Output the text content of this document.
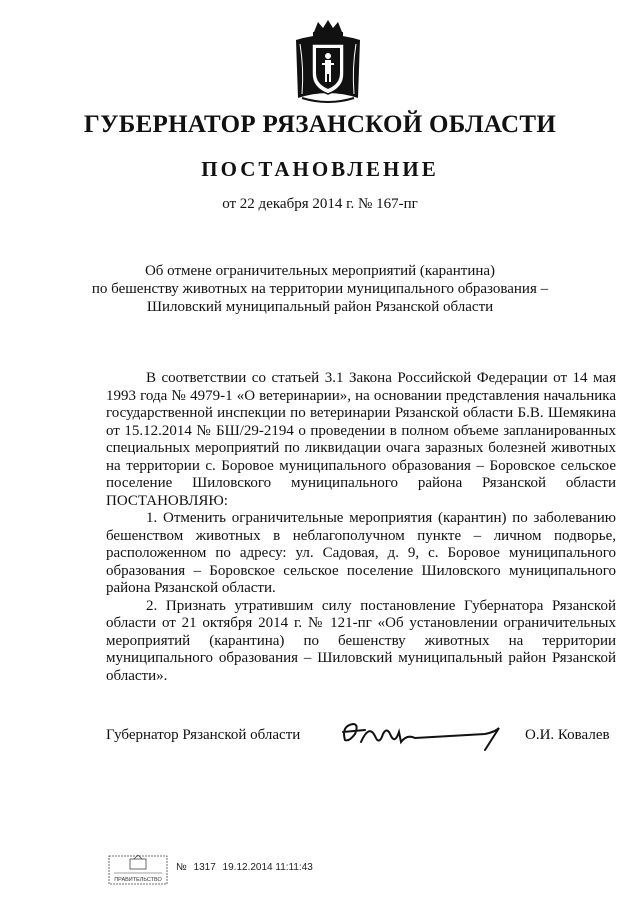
ГУБЕРНАТОР РЯЗАНСКОЙ ОБЛАСТИ
ПОСТАНОВЛЕНИЕ
от 22 декабря 2014 г. № 167-пг
Об отмене ограничительных мероприятий (карантина)
по бешенству животных на территории муниципального образования –
Шиловский муниципальный район Рязанской области

В соответствии со статьей 3.1 Закона Российской Федерации от 14 мая 1993 года № 4979-1 «О ветеринарии», на основании представления начальника государственной инспекции по ветеринарии Рязанской области Б.В. Шемякина от 15.12.2014 № БШ/29-2194 о проведении в полном объеме запланированных специальных мероприятий по ликвидации очага заразных болезней животных на территории с. Боровое муниципального образования – Боровское сельское поселение Шиловского муниципального района Рязанской области ПОСТАНОВЛЯЮ:

1. Отменить ограничительные мероприятия (карантин) по заболеванию бешенством животных в неблагополучном пункте – личном подворье, расположенном по адресу: ул. Садовая, д. 9, с. Боровое муниципального образования – Боровское сельское поселение Шиловского муниципального района Рязанской области.

2. Признать утратившим силу постановление Губернатора Рязанской области от 21 октября 2014 г. № 121-пг «Об установлении ограничительных мероприятий (карантина) по бешенству животных на территории муниципального образования – Шиловский муниципальный район Рязанской области».

Губернатор Рязанской области	О.И. Ковалев
ПРАВИТЕЛЬСТВО
№ 1317 19.12.2014 11:11:43
